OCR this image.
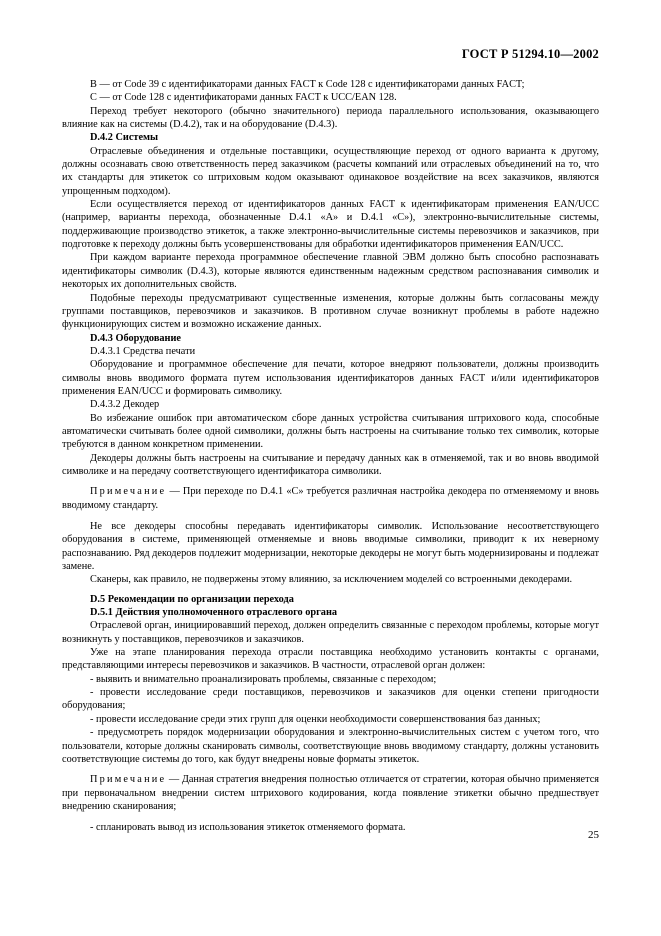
ГОСТ Р 51294.10—2002

В — от Code 39 с идентификаторами данных FACT к Code 128 с идентификаторами данных FACT;

С — от Code 128 с идентификаторами данных FACT к UCC/EAN 128.

Переход требует некоторого (обычно значительного) периода параллельного использования, оказывающего влияние как на системы (D.4.2), так и на оборудование (D.4.3).

D.4.2 Системы

Отраслевые объединения и отдельные поставщики, осуществляющие переход от одного варианта к другому, должны осознавать свою ответственность перед заказчиком (расчеты компаний или отраслевых объединений на то, что их стандарты для этикеток со штриховым кодом оказывают одинаковое воздействие на всех заказчиков, являются упрощенным подходом).

Если осуществляется переход от идентификаторов данных FACT к идентификаторам применения EAN/UCC (например, варианты перехода, обозначенные D.4.1 «А» и D.4.1 «С»), электронно-вычислительные системы, поддерживающие производство этикеток, а также электронно-вычислительные системы перевозчиков и заказчиков, при подготовке к переходу должны быть усовершенствованы для обработки идентификаторов применения EAN/UCC.

При каждом варианте перехода программное обеспечение главной ЭВМ должно быть способно распознавать идентификаторы символик (D.4.3), которые являются единственным надежным средством распознавания символик и некоторых их дополнительных свойств.

Подобные переходы предусматривают существенные изменения, которые должны быть согласованы между группами поставщиков, перевозчиков и заказчиков. В противном случае возникнут проблемы в работе надежно функционирующих систем и возможно искажение данных.

D.4.3 Оборудование

D.4.3.1 Средства печати

Оборудование и программное обеспечение для печати, которое внедряют пользователи, должны производить символы вновь вводимого формата путем использования идентификаторов данных FACT и/или идентификаторов применения EAN/UCC и формировать символику.

D.4.3.2 Декодер

Во избежание ошибок при автоматическом сборе данных устройства считывания штрихового кода, способные автоматически считывать более одной символики, должны быть настроены на считывание только тех символик, которые требуются в данном конкретном применении.

Декодеры должны быть настроены на считывание и передачу данных как в отменяемой, так и во вновь вводимой символике и на передачу соответствующего идентификатора символики.

Примечание — При переходе по D.4.1 «С» требуется различная настройка декодера по отменяемому и вновь вводимому стандарту.

Не все декодеры способны передавать идентификаторы символик. Использование несоответствующего оборудования в системе, применяющей отменяемые и вновь вводимые символики, приводит к их неверному распознаванию. Ряд декодеров подлежит модернизации, некоторые декодеры не могут быть модернизированы и подлежат замене.

Сканеры, как правило, не подвержены этому влиянию, за исключением моделей со встроенными декодерами.

D.5 Рекомендации по организации перехода

D.5.1 Действия уполномоченного отраслевого органа

Отраслевой орган, инициировавший переход, должен определить связанные с переходом проблемы, которые могут возникнуть у поставщиков, перевозчиков и заказчиков.

Уже на этапе планирования перехода отрасли поставщика необходимо установить контакты с органами, представляющими интересы перевозчиков и заказчиков. В частности, отраслевой орган должен:

- выявить и внимательно проанализировать проблемы, связанные с переходом;

- провести исследование среди поставщиков, перевозчиков и заказчиков для оценки степени пригодности оборудования;

- провести исследование среди этих групп для оценки необходимости совершенствования баз данных;

- предусмотреть порядок модернизации оборудования и электронно-вычислительных систем с учетом того, что пользователи, которые должны сканировать символы, соответствующие вновь вводимому стандарту, должны установить соответствующие системы до того, как будут внедрены новые форматы этикеток.

Примечание — Данная стратегия внедрения полностью отличается от стратегии, которая обычно применяется при первоначальном внедрении систем штрихового кодирования, когда появление этикетки обычно предшествует внедрению сканирования;

- спланировать вывод из использования этикеток отменяемого формата.

25
